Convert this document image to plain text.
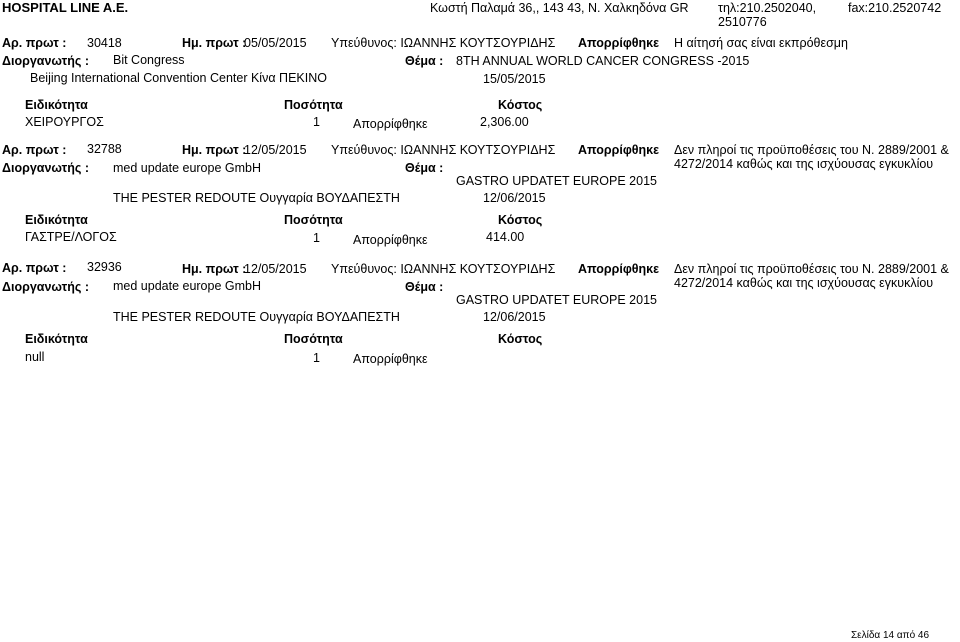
HOSPITAL LINE A.E.	Κωστή Παλαμά 36,, 143 43, Ν. Χαλκηδόνα GR τηλ:210.2502040,
2510776
fax:210.2520742
Αρ. πρωτ : 30418	Ημ. πρωτ :
05/05/2015 Υπεύθυνος: ΙΩΑΝΝΗΣ ΚΟΥΤΣΟΥΡΙΔΗΣ Απορρίφθηκε Η αίτησή σας είναι εκπρόθεσμη
Διοργανωτής : Bit Congress	Θέμα : 8TH ANNUAL WORLD CANCER CONGRESS -2015
Beijing International Convention Center Κίνα ΠΕΚΙΝΟ	15/05/2015
Ειδικότητα	Ποσότητα	Κόστος
ΧΕΙΡΟΥΡΓΟΣ	1	Απορρίφθηκε	2,306.00
Αρ. πρωτ : 32788	Ημ. πρωτ :
12/05/2015 Υπεύθυνος: ΙΩΑΝΝΗΣ ΚΟΥΤΣΟΥΡΙΔΗΣ Απορρίφθηκε Δεν πληροί τις προϋποθέσεις του Ν. 2889/2001 & 4272/2014 καθώς και της ισχύουσας εγκυκλίου
Διοργανωτής : med update europe GmbH	Θέμα :
GASTRO UPDATET EUROPE 2015
THE PESTER REDOUTE Ουγγαρία ΒΟΥΔΑΠΕΣΤΗ	12/06/2015
Ειδικότητα	Ποσότητα	Κόστος
ΓΑΣΤΡΕ/ΛΟΓΟΣ	1	Απορρίφθηκε	414.00
Αρ. πρωτ : 32936	Ημ. πρωτ :
12/05/2015 Υπεύθυνος: ΙΩΑΝΝΗΣ ΚΟΥΤΣΟΥΡΙΔΗΣ Απορρίφθηκε Δεν πληροί τις προϋποθέσεις του Ν. 2889/2001 & 4272/2014 καθώς και της ισχύουσας εγκυκλίου
Διοργανωτής : med update europe GmbH	Θέμα :
GASTRO UPDATET EUROPE 2015
THE PESTER REDOUTE Ουγγαρία ΒΟΥΔΑΠΕΣΤΗ	12/06/2015
Ειδικότητα	Ποσότητα	Κόστος
null	1	Απορρίφθηκε
Σελίδα 14 από 46
